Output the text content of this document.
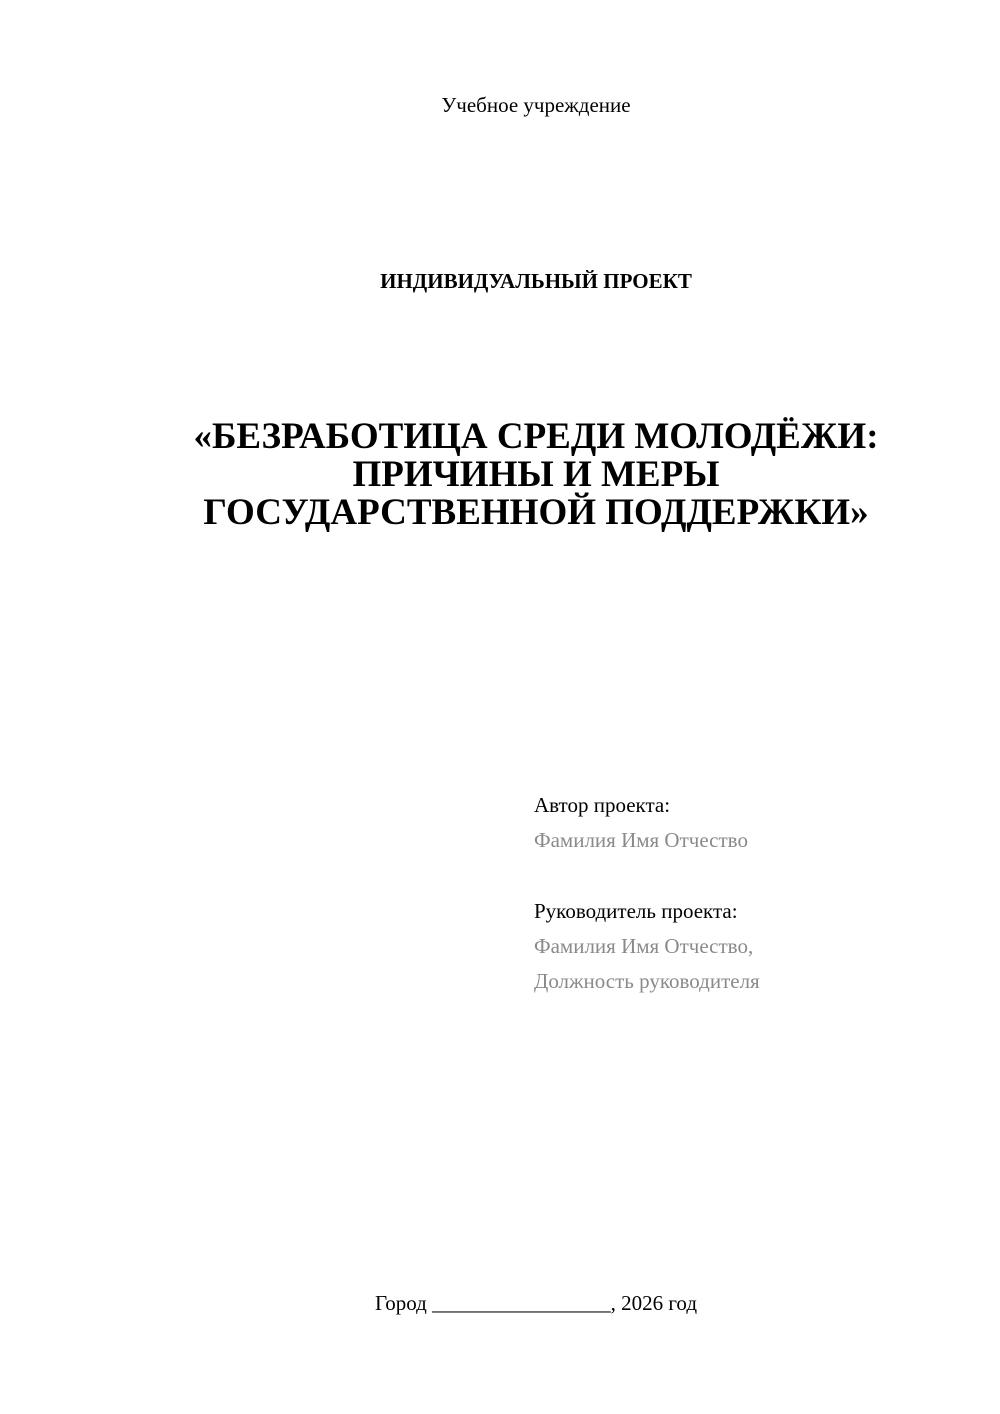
Учебное учреждение
ИНДИВИДУАЛЬНЫЙ ПРОЕКТ
«БЕЗРАБОТИЦА СРЕДИ МОЛОДЁЖИ:
ПРИЧИНЫ И МЕРЫ
ГОСУДАРСТВЕННОЙ ПОДДЕРЖКИ»
Автор проекта:
Фамилия Имя Отчество
Руководитель проекта:
Фамилия Имя Отчество,
Должность руководителя
Город _________________, 2026 год
